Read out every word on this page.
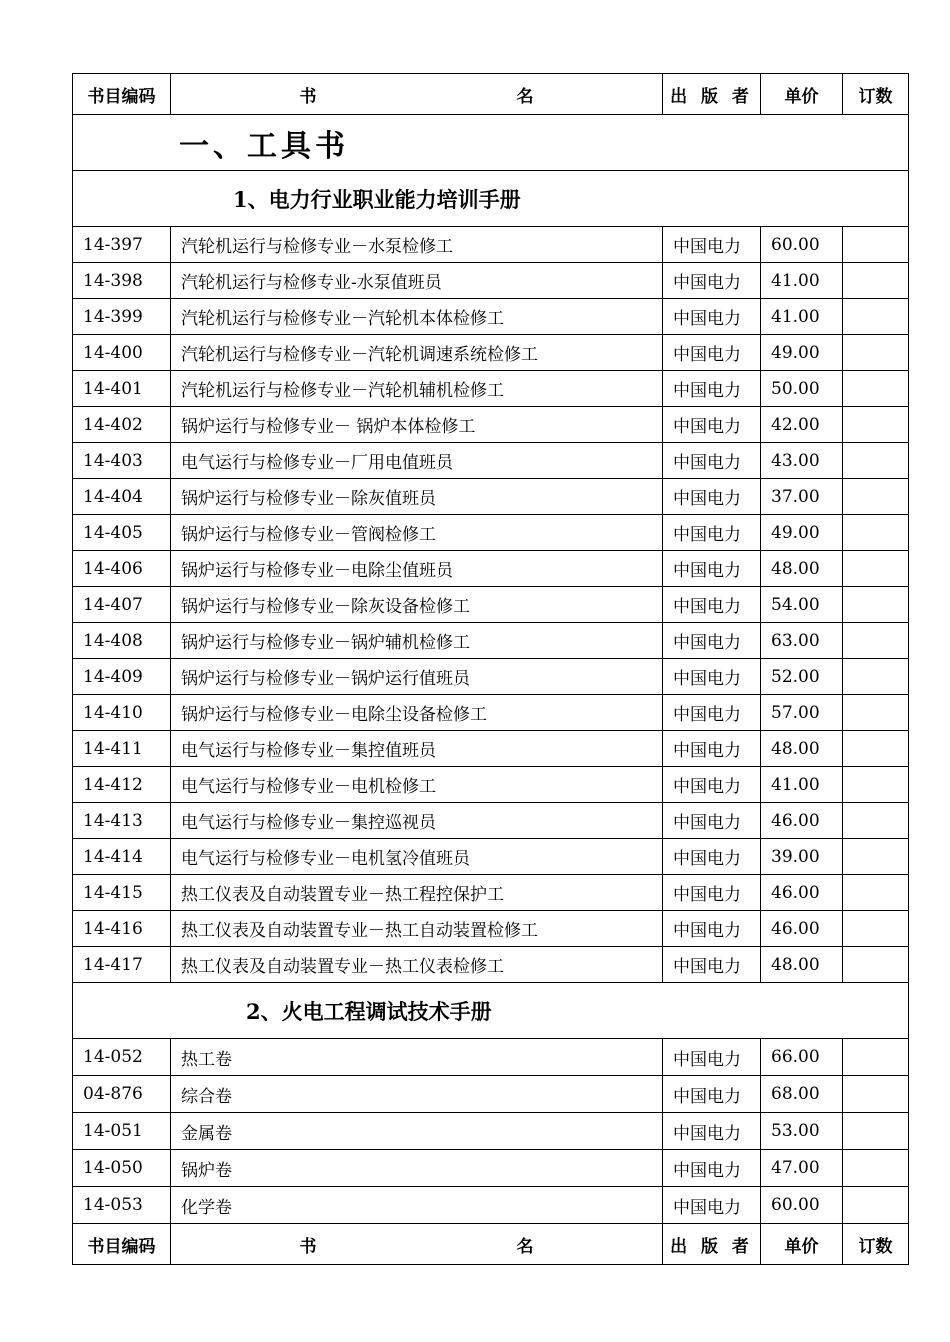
书目编码	书 名	出 版 者	单价	订数
一、工具书				
1、电力行业职业能力培训手册				
14-397	汽轮机运行与检修专业－水泵检修工	中国电力	60.00	
14-398	汽轮机运行与检修专业-水泵值班员	中国电力	41.00	
14-399	汽轮机运行与检修专业－汽轮机本体检修工	中国电力	41.00	
14-400	汽轮机运行与检修专业－汽轮机调速系统检修工	中国电力	49.00	
14-401	汽轮机运行与检修专业－汽轮机辅机检修工	中国电力	50.00	
14-402	锅炉运行与检修专业－ 锅炉本体检修工	中国电力	42.00	
14-403	电气运行与检修专业－厂用电值班员	中国电力	43.00	
14-404	锅炉运行与检修专业－除灰值班员	中国电力	37.00	
14-405	锅炉运行与检修专业－管阀检修工	中国电力	49.00	
14-406	锅炉运行与检修专业－电除尘值班员	中国电力	48.00	
14-407	锅炉运行与检修专业－除灰设备检修工	中国电力	54.00	
14-408	锅炉运行与检修专业－锅炉辅机检修工	中国电力	63.00	
14-409	锅炉运行与检修专业－锅炉运行值班员	中国电力	52.00	
14-410	锅炉运行与检修专业－电除尘设备检修工	中国电力	57.00	
14-411	电气运行与检修专业－集控值班员	中国电力	48.00	
14-412	电气运行与检修专业－电机检修工	中国电力	41.00	
14-413	电气运行与检修专业－集控巡视员	中国电力	46.00	
14-414	电气运行与检修专业－电机氢冷值班员	中国电力	39.00	
14-415	热工仪表及自动装置专业－热工程控保护工	中国电力	46.00	
14-416	热工仪表及自动装置专业－热工自动装置检修工	中国电力	46.00	
14-417	热工仪表及自动装置专业－热工仪表检修工	中国电力	48.00	
2、火电工程调试技术手册				
14-052	热工卷	中国电力	66.00	
04-876	综合卷	中国电力	68.00	
14-051	金属卷	中国电力	53.00	
14-050	锅炉卷	中国电力	47.00	
14-053	化学卷	中国电力	60.00	
书目编码	书 名	出 版 者	单价	订数
